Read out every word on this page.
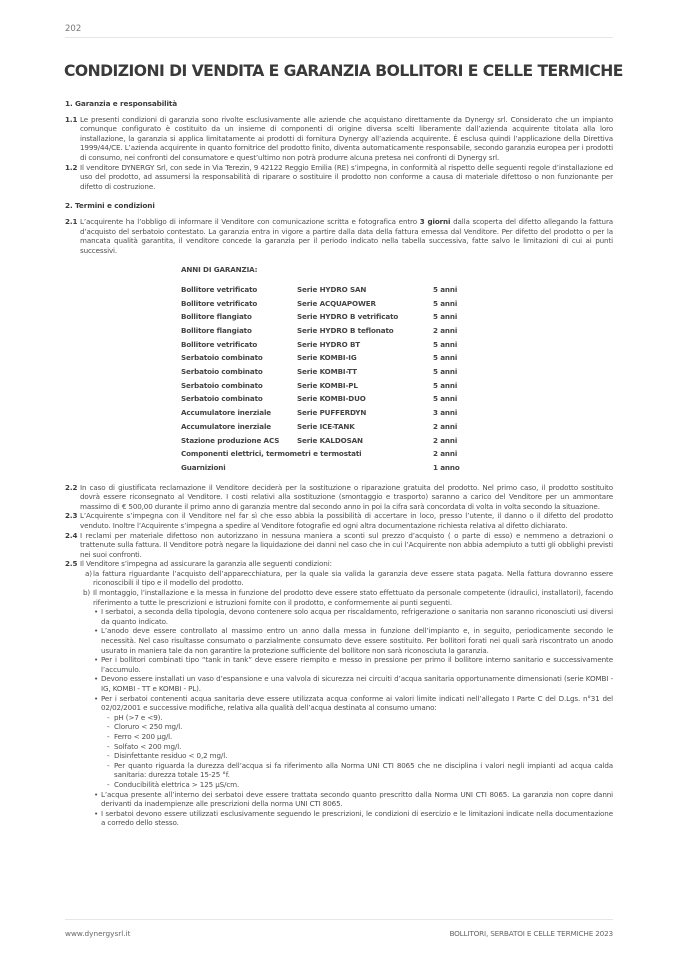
202
CONDIZIONI DI VENDITA E GARANZIA BOLLITORI E CELLE TERMICHE
1. Garanzia e responsabilità
1.1 Le presenti condizioni di garanzia sono rivolte esclusivamente alle aziende che acquistano direttamente da Dynergy srl. Considerato che un impianto comunque configurato è costituito da un insieme di componenti di origine diversa scelti liberamente dall’azienda acquirente titolata alla loro installazione, la garanzia si applica limitatamente ai prodotti di fornitura Dynergy all’azienda acquirente. É esclusa quindi l’applicazione della Direttiva 1999/44/CE. L’azienda acquirente in quanto fornitrice del prodotto finito, diventa automaticamente responsabile, secondo garanzia europea per i prodotti di consumo, nei confronti del consumatore e quest’ultimo non potrà produrre alcuna pretesa nei confronti di Dynergy srl.
1.2 Il venditore DYNERGY Srl, con sede in Via Terezin, 9 42122 Reggio Emilia (RE) s’impegna, in conformità al rispetto delle seguenti regole d’installazione ed uso del prodotto, ad assumersi la responsabilità di riparare o sostituire il prodotto non conforme a causa di materiale difettoso o non funzionante per difetto di costruzione.
2. Termini e condizioni
2.1 L’acquirente ha l’obbligo di informare il Venditore con comunicazione scritta e fotografica entro 3 giorni dalla scoperta del difetto allegando la fattura d’acquisto del serbatoio contestato. La garanzia entra in vigore a partire dalla data della fattura emessa dal Venditore. Per difetto del prodotto o per la mancata qualità garantita, il venditore concede la garanzia per il periodo indicato nella tabella successiva, fatte salvo le limitazioni di cui ai punti successivi.
ANNI DI GARANZIA:
Bollitore vetrificato	Serie HYDRO SAN	5 anni
Bollitore vetrificato	Serie ACQUAPOWER	5 anni
Bollitore flangiato	Serie HYDRO B vetrificato	5 anni
Bollitore flangiato	Serie HYDRO B teflonato	2 anni
Bollitore vetrificato	Serie HYDRO BT	5 anni
Serbatoio combinato	Serie KOMBI-IG	5 anni
Serbatoio combinato	Serie KOMBI-TT	5 anni
Serbatoio combinato	Serie KOMBI-PL	5 anni
Serbatoio combinato	Serie KOMBI-DUO	5 anni
Accumulatore inerziale	Serie PUFFERDYN	3 anni
Accumulatore inerziale	Serie ICE-TANK	2 anni
Stazione produzione ACS	Serie KALDOSAN	2 anni
Componenti elettrici, termometri e termostati	2 anni
Guarnizioni	1 anno
2.2 In caso di giustificata reclamazione il Venditore deciderà per la sostituzione o riparazione gratuita del prodotto. Nel primo caso, il prodotto sostituito dovrà essere riconsegnato al Venditore. I costi relativi alla sostituzione (smontaggio e trasporto) saranno a carico del Venditore per un ammontare massimo di € 500,00 durante il primo anno di garanzia mentre dal secondo anno in poi la cifra sarà concordata di volta in volta secondo la situazione.
2.3 L’Acquirente s’impegna con il Venditore nel far sì che esso abbia la possibilità di accertare in loco, presso l’utente, il danno o il difetto del prodotto venduto. Inoltre l’Acquirente s’impegna a spedire al Venditore fotografie ed ogni altra documentazione richiesta relativa al difetto dichiarato.
2.4 I reclami per materiale difettoso non autorizzano in nessuna maniera a sconti sul prezzo d’acquisto ( o parte di esso) e nemmeno a detrazioni o trattenute sulla fattura. Il Venditore potrà negare la liquidazione dei danni nel caso che in cui l’Acquirente non abbia adempiuto a tutti gli obblighi previsti nei suoi confronti.
2.5 Il Venditore s’impegna ad assicurare la garanzia alle seguenti condizioni:
a) la fattura riguardante l’acquisto dell’apparecchiatura, per la quale sia valida la garanzia deve essere stata pagata. Nella fattura dovranno essere riconoscibili il tipo e il modello del prodotto.
b) Il montaggio, l’installazione e la messa in funzione del prodotto deve essere stato effettuato da personale competente (idraulici, installatori), facendo riferimento a tutte le prescrizioni e istruzioni fornite con il prodotto, e conformemente ai punti seguenti.
• I serbatoi, a seconda della tipologia, devono contenere solo acqua per riscaldamento, refrigerazione o sanitaria non saranno riconosciuti usi diversi da quanto indicato.
• L’anodo deve essere controllato al massimo entro un anno dalla messa in funzione dell’impianto e, in seguito, periodicamente secondo le necessità. Nel caso risultasse consumato o parzialmente consumato deve essere sostituito. Per bollitori forati nei quali sarà riscontrato un anodo usurato in maniera tale da non garantire la protezione sufficiente del bollitore non sarà riconosciuta la garanzia.
• Per i bollitori combinati tipo “tank in tank” deve essere riempito e messo in pressione per primo il bollitore interno sanitario e successivamente l’accumulo.
• Devono essere installati un vaso d’espansione e una valvola di sicurezza nei circuiti d’acqua sanitaria opportunamente dimensionati (serie KOMBI - IG, KOMBI - TT e KOMBI - PL).
• Per i serbatoi contenenti acqua sanitaria deve essere utilizzata acqua conforme ai valori limite indicati nell’allegato I Parte C del D.Lgs. n°31 del 02/02/2001 e successive modifiche, relativa alla qualità dell’acqua destinata al consumo umano:
- pH (>7 e <9).
- Cloruro < 250 mg/l.
- Ferro < 200 µg/l.
- Solfato < 200 mg/l.
- Disinfettante residuo < 0,2 mg/l.
- Per quanto riguarda la durezza dell’acqua si fa riferimento alla Norma UNI CTI 8065 che ne disciplina i valori negli impianti ad acqua calda sanitaria: durezza totale 15-25 °f.
- Conducibilità elettrica > 125 µS/cm.
• L’acqua presente all’interno dei serbatoi deve essere trattata secondo quanto prescritto dalla Norma UNI CTI 8065. La garanzia non copre danni derivanti da inadempienze alle prescrizioni della norma UNI CTI 8065.
• I serbatoi devono essere utilizzati esclusivamente seguendo le prescrizioni, le condizioni di esercizio e le limitazioni indicate nella documentazione a corredo dello stesso.
www.dynergysrl.it	BOLLITORI, SERBATOI E CELLE TERMICHE 2023
